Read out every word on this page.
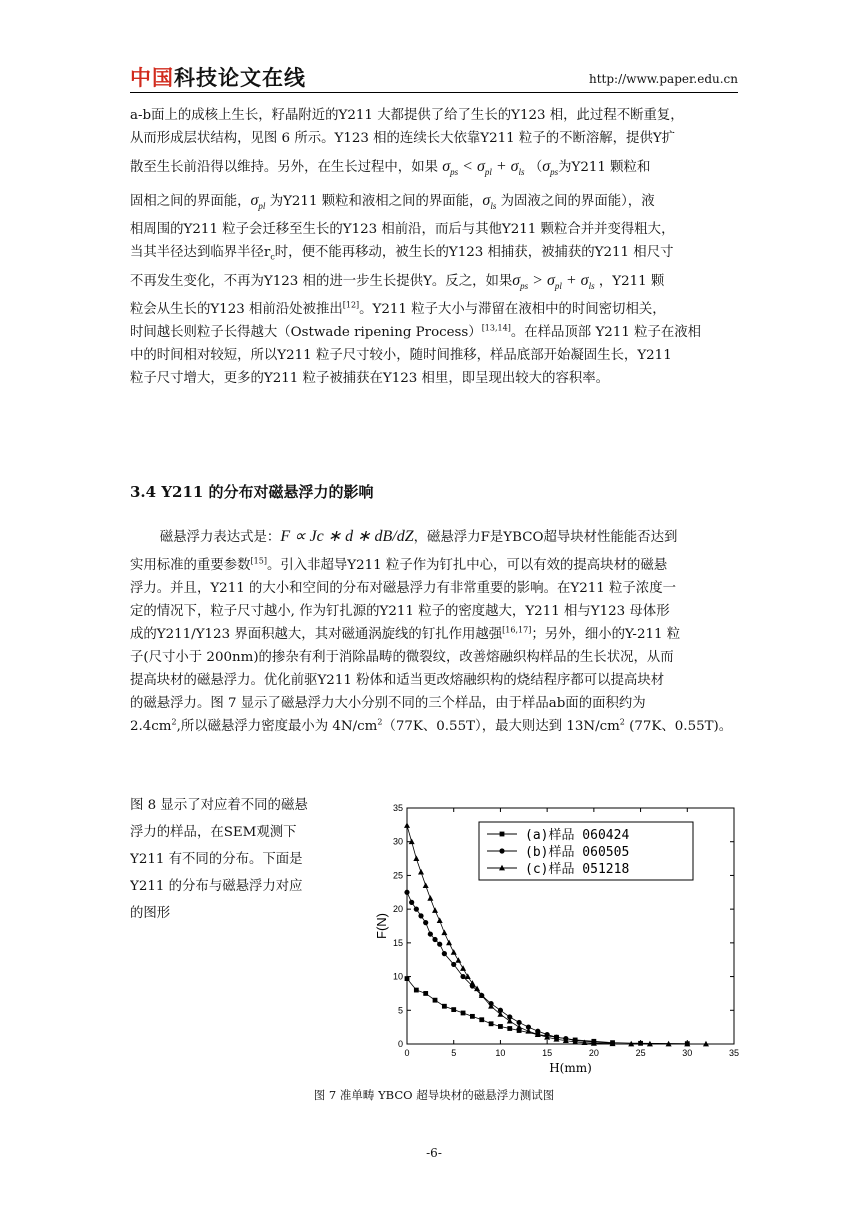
中国科技论文在线	http://www.paper.edu.cn
a-b面上的成核上生长，籽晶附近的Y211 大都提供了给了生长的Y123 相，此过程不断重复，
从而形成层状结构，见图 6 所示。Y123 相的连续长大依靠Y211 粒子的不断溶解，提供Y扩
散至生长前沿得以维持。另外，在生长过程中，如果 $\sigma_{ps} < \sigma_{pl} + \sigma_{ls}$ （$\sigma_{ps}$为Y211 颗粒和
固相之间的界面能，$\sigma_{pl}$ 为Y211 颗粒和液相之间的界面能，$\sigma_{ls}$ 为固液之间的界面能），液
相周围的Y211 粒子会迁移至生长的Y123 相前沿，而后与其他Y211 颗粒合并并变得粗大，
当其半径达到临界半径$r_c$时，便不能再移动，被生长的Y123 相捕获，被捕获的Y211 相尺寸
不再发生变化，不再为Y123 相的进一步生长提供Y。反之，如果$\sigma_{ps} > \sigma_{pl} + \sigma_{ls}$ ，Y211 颗
粒会从生长的Y123 相前沿处被推出[12]。Y211 粒子大小与滞留在液相中的时间密切相关，
时间越长则粒子长得越大（Ostwade ripening Process）[13,14]。在样品顶部 Y211 粒子在液相
中的时间相对较短，所以Y211 粒子尺寸较小，随时间推移，样品底部开始凝固生长，Y211
粒子尺寸增大，更多的Y211 粒子被捕获在Y123 相里，即呈现出较大的容积率。
3.4 Y211 的分布对磁悬浮力的影响
磁悬浮力表达式是：F ∝ Jc ∗ d ∗ dB/dZ，磁悬浮力F是YBCO超导块材性能能否达到
实用标准的重要参数[15]。引入非超导Y211 粒子作为钉扎中心，可以有效的提高块材的磁悬
浮力。并且，Y211 的大小和空间的分布对磁悬浮力有非常重要的影响。在Y211 粒子浓度一
定的情况下，粒子尺寸越小, 作为钉扎源的Y211 粒子的密度越大，Y211 相与Y123 母体形
成的Y211/Y123 界面积越大，其对磁通涡旋线的钉扎作用越强[16,17]；另外，细小的Y-211 粒
子(尺寸小于 200nm)的掺杂有利于消除晶畴的微裂纹，改善熔融织构样品的生长状况，从而
提高块材的磁悬浮力。优化前驱Y211 粉体和适当更改熔融织构的烧结程序都可以提高块材
的磁悬浮力。图 7 显示了磁悬浮力大小分别不同的三个样品，由于样品ab面的面积约为
$2.4cm^2$,所以磁悬浮力密度最小为 $4N/cm^2(77K$、0.55T），最大则达到 $13N/cm^2$ (77K、0.55T)。
图 8 显示了对应着不同的磁悬
浮力的样品，在SEM观测下
Y211 有不同的分布。下面是
Y211 的分布与磁悬浮力对应
的图形
0	5	10	15	20	25	30	35
0
5
10
15
20
25
30
35
H(mm)
F(N)
(a)样品 060424
(b)样品 060505
(c)样品 051218
图 7 准单畴 YBCO 超导块材的磁悬浮力测试图
-6-
